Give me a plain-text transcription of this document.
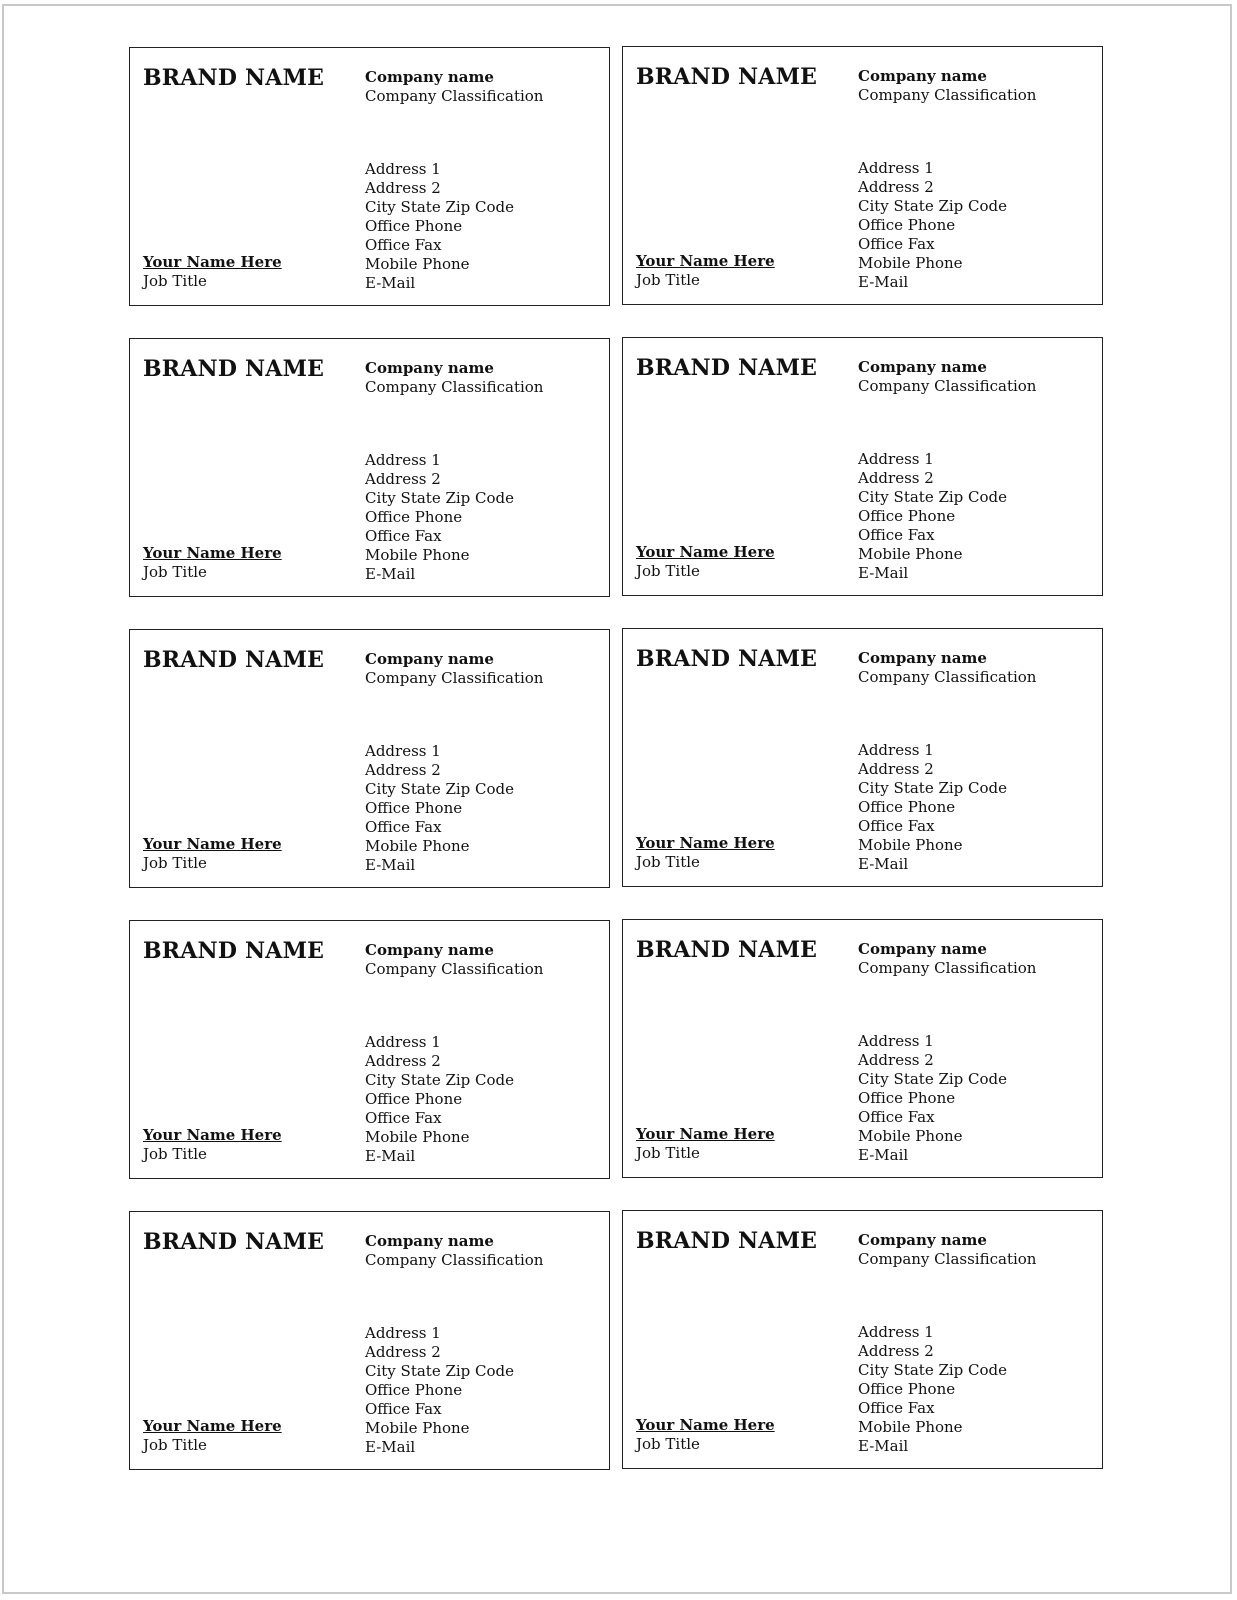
BRAND NAME	Company name
Company Classification
Address 1
Address 2
City State Zip Code
Office Phone
Office Fax
Mobile Phone
E-Mail
Your Name Here
Job Title
BRAND NAME	Company name
Company Classification
Address 1
Address 2
City State Zip Code
Office Phone
Office Fax
Mobile Phone
E-Mail
Your Name Here
Job Title
BRAND NAME	Company name
Company Classification
Address 1
Address 2
City State Zip Code
Office Phone
Office Fax
Mobile Phone
E-Mail
Your Name Here
Job Title
BRAND NAME	Company name
Company Classification
Address 1
Address 2
City State Zip Code
Office Phone
Office Fax
Mobile Phone
E-Mail
Your Name Here
Job Title
BRAND NAME	Company name
Company Classification
Address 1
Address 2
City State Zip Code
Office Phone
Office Fax
Mobile Phone
E-Mail
Your Name Here
Job Title
BRAND NAME	Company name
Company Classification
Address 1
Address 2
City State Zip Code
Office Phone
Office Fax
Mobile Phone
E-Mail
Your Name Here
Job Title
BRAND NAME	Company name
Company Classification
Address 1
Address 2
City State Zip Code
Office Phone
Office Fax
Mobile Phone
E-Mail
Your Name Here
Job Title
BRAND NAME	Company name
Company Classification
Address 1
Address 2
City State Zip Code
Office Phone
Office Fax
Mobile Phone
E-Mail
Your Name Here
Job Title
BRAND NAME	Company name
Company Classification
Address 1
Address 2
City State Zip Code
Office Phone
Office Fax
Mobile Phone
E-Mail
Your Name Here
Job Title
BRAND NAME	Company name
Company Classification
Address 1
Address 2
City State Zip Code
Office Phone
Office Fax
Mobile Phone
E-Mail
Your Name Here
Job Title
